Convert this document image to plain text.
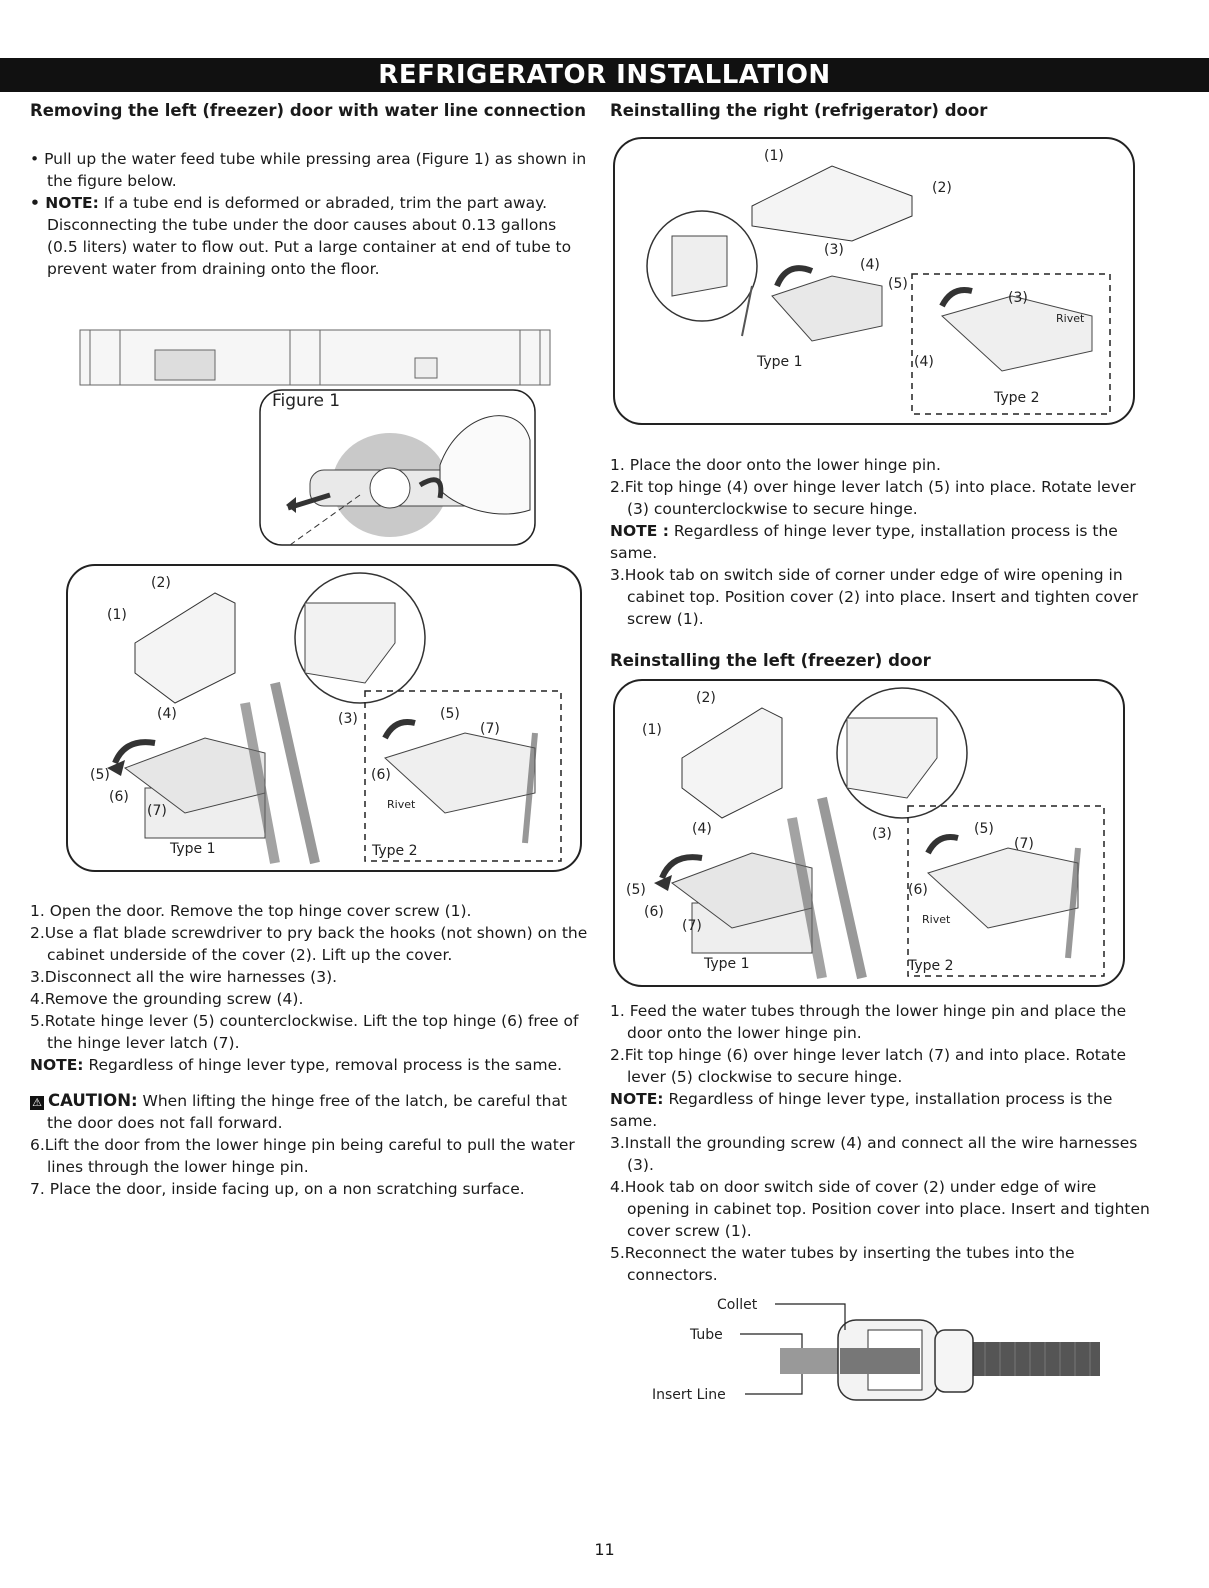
REFRIGERATOR INSTALLATION
Removing the left (freezer) door with water line connection

• Pull up the water feed tube while pressing area (Figure 1) as shown in the figure below.

• NOTE: If a tube end is deformed or abraded, trim the part away. Disconnecting the tube under the door causes about 0.13 gallons (0.5 liters) water to flow out. Put a large container at end of tube to prevent water from draining onto the floor.

Figure 1
(2)
(1)
(4)	(3)
(5)
(6)
(7)
Type 1
(5)
(7)
(6)
Rivet
Type 2

1. Open the door. Remove the top hinge cover screw (1).

2.Use a flat blade screwdriver to pry back the hooks (not shown) on the cabinet underside of the cover (2). Lift up the cover.

3.Disconnect all the wire harnesses (3).

4.Remove the grounding screw (4).

5.Rotate hinge lever (5) counterclockwise. Lift the top hinge (6) free of the hinge lever latch (7).

NOTE: Regardless of hinge lever type, removal process is the same.

⚠ CAUTION: When lifting the hinge free of the latch, be careful that the door does not fall forward.

6.Lift the door from the lower hinge pin being careful to pull the water lines through the lower hinge pin.

7. Place the door, inside facing up, on a non scratching surface.

Reinstalling the right (refrigerator) door
(1)
(2)
(3)
(4)
(5)
(3)
Rivet
(4)
Type 1
Type 2

1. Place the door onto the lower hinge pin.

2.Fit top hinge (4) over hinge lever latch (5) into place. Rotate lever (3) counterclockwise to secure hinge.

NOTE : Regardless of hinge lever type, installation process is the same.

3.Hook tab on switch side of corner under edge of wire opening in cabinet top. Position cover (2) into place. Insert and tighten cover screw (1).

Reinstalling the left (freezer) door
(2)
(1)
(4)	(3)
(5)
(6)
(7)
Type 1
(5)
(7)
(6)
Rivet
Type 2

1. Feed the water tubes through the lower hinge pin and place the door onto the lower hinge pin.

2.Fit top hinge (6) over hinge lever latch (7) and into place. Rotate lever (5) clockwise to secure hinge.

NOTE: Regardless of hinge lever type, installation process is the same.

3.Install the grounding screw (4) and connect all the wire harnesses (3).

4.Hook tab on door switch side of cover (2) under edge of wire opening in cabinet top. Position cover into place. Insert and tighten cover screw (1).

5.Reconnect the water tubes by inserting the tubes into the connectors.

Collet
Tube
Insert Line
11
